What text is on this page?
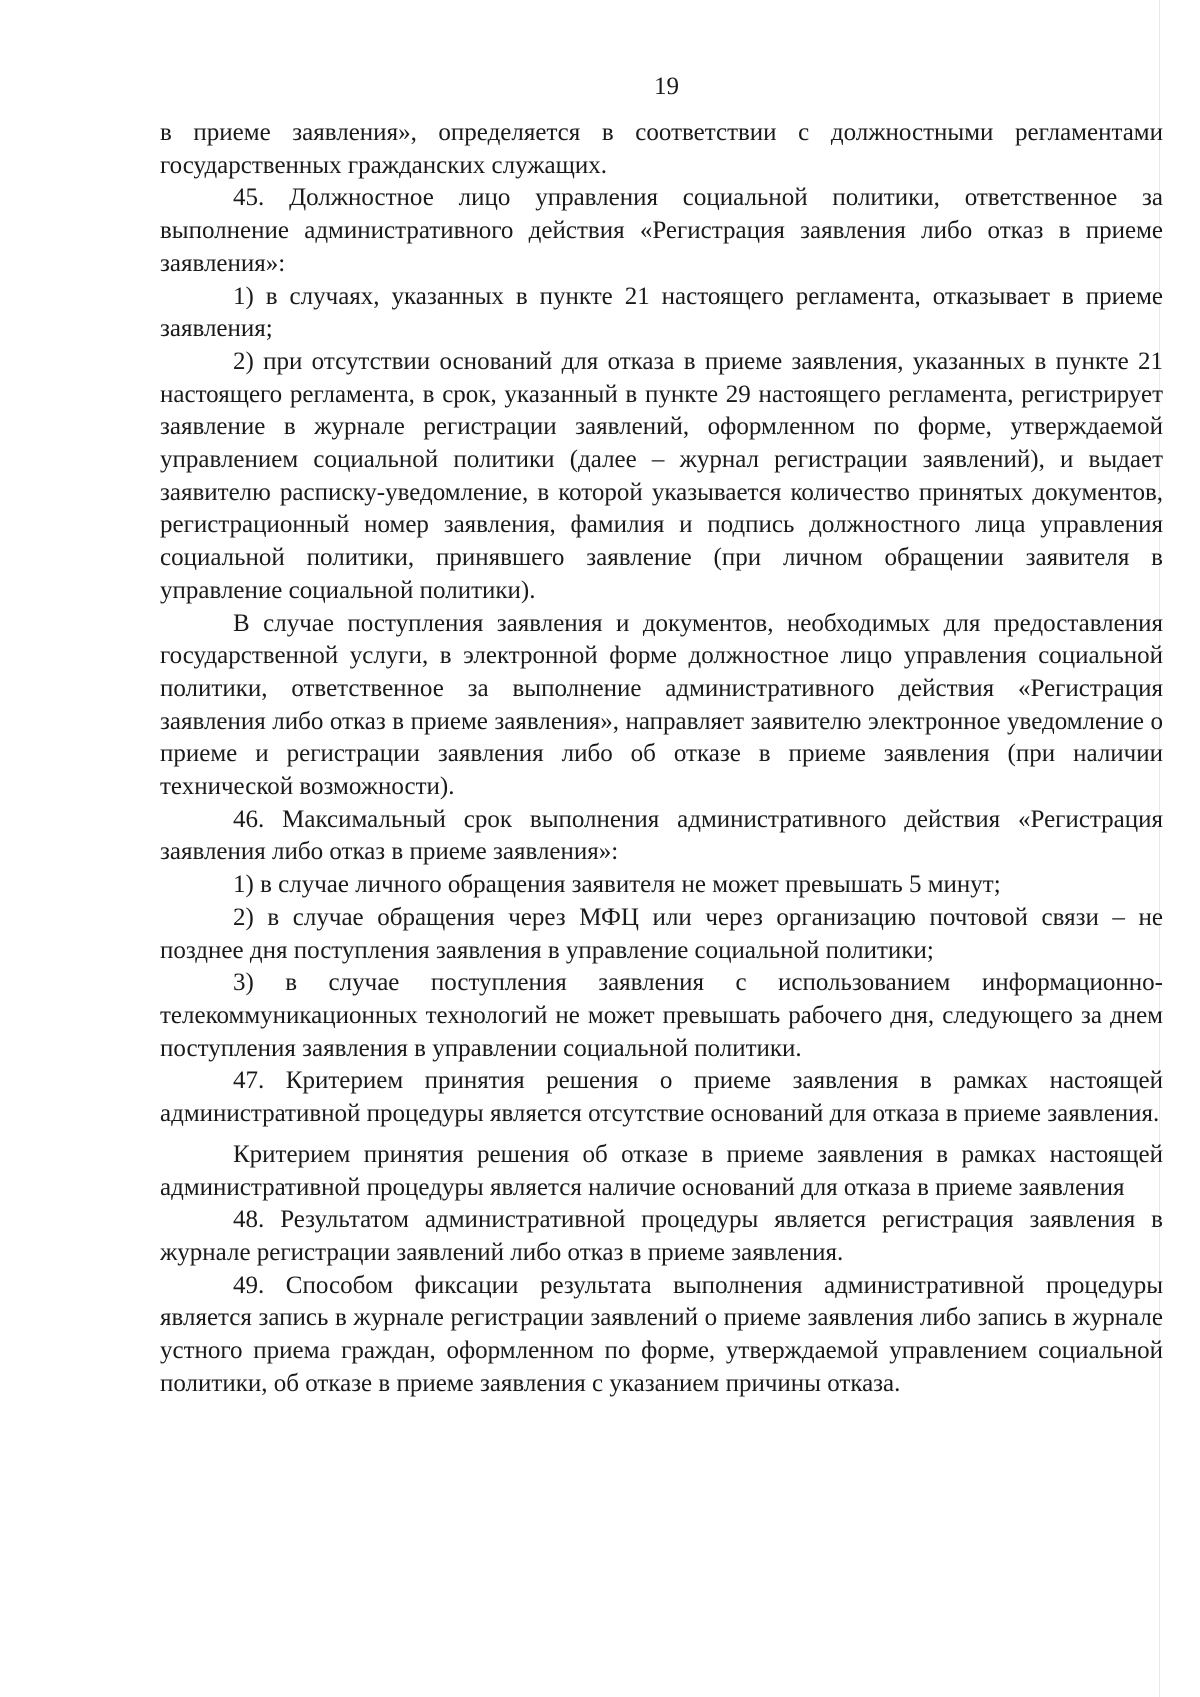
19

в приеме заявления», определяется в соответствии с должностными регламентами государственных гражданских служащих.

45. Должностное лицо управления социальной политики, ответственное за выполнение административного действия «Регистрация заявления либо отказ в приеме заявления»:

1) в случаях, указанных в пункте 21 настоящего регламента, отказывает в приеме заявления;

2) при отсутствии оснований для отказа в приеме заявления, указанных в пункте 21 настоящего регламента, в срок, указанный в пункте 29 настоящего регламента, регистрирует заявление в журнале регистрации заявлений, оформленном по форме, утверждаемой управлением социальной политики (далее – журнал регистрации заявлений), и выдает заявителю расписку-уведомление, в которой указывается количество принятых документов, регистрационный номер заявления, фамилия и подпись должностного лица управления социальной политики, принявшего заявление (при личном обращении заявителя в управление социальной политики).

В случае поступления заявления и документов, необходимых для предоставления государственной услуги, в электронной форме должностное лицо управления социальной политики, ответственное за выполнение административного действия «Регистрация заявления либо отказ в приеме заявления», направляет заявителю электронное уведомление о приеме и регистрации заявления либо об отказе в приеме заявления (при наличии технической возможности).

46. Максимальный срок выполнения административного действия «Регистрация заявления либо отказ в приеме заявления»:

1) в случае личного обращения заявителя не может превышать 5 минут;

2) в случае обращения через МФЦ или через организацию почтовой связи – не позднее дня поступления заявления в управление социальной политики;

3) в случае поступления заявления с использованием информационно-телекоммуникационных технологий не может превышать рабочего дня, следующего за днем поступления заявления в управлении социальной политики.

47. Критерием принятия решения о приеме заявления в рамках настоящей административной процедуры является отсутствие оснований для отказа в приеме заявления.

Критерием принятия решения об отказе в приеме заявления в рамках настоящей административной процедуры является наличие оснований для отказа в приеме заявления

48. Результатом административной процедуры является регистрация заявления в журнале регистрации заявлений либо отказ в приеме заявления.

49. Способом фиксации результата выполнения административной процедуры является запись в журнале регистрации заявлений о приеме заявления либо запись в журнале устного приема граждан, оформленном по форме, утверждаемой управлением социальной политики, об отказе в приеме заявления с указанием причины отказа.
